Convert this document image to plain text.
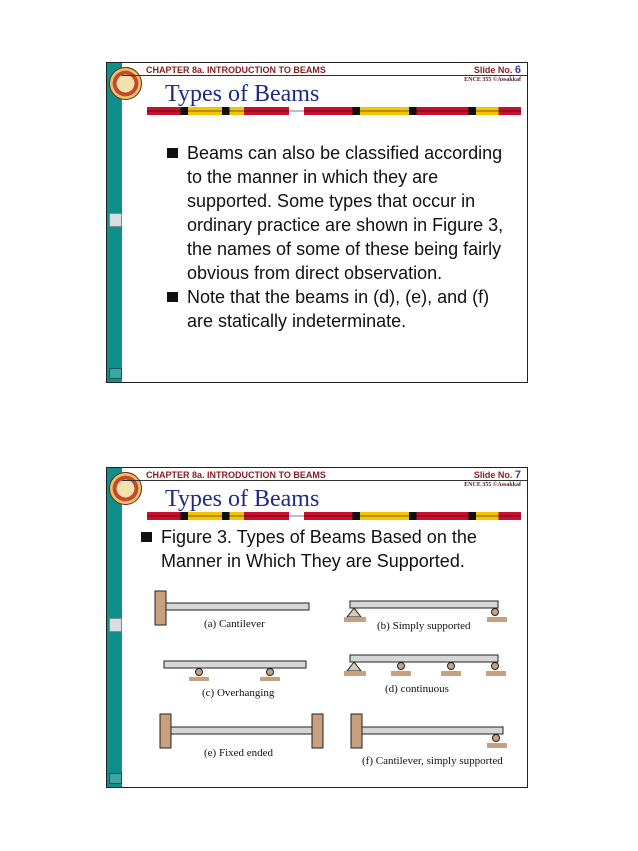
CHAPTER 8a. INTRODUCTION TO BEAMS	Slide No. 6
ENCE 355 ©Assakkaf
Types of Beams
Beams can also be classified according to the manner in which they are supported. Some types that occur in ordinary practice are shown in Figure 3, the names of some of these being fairly obvious from direct observation.
Note that the beams in (d), (e), and (f) are statically indeterminate.
CHAPTER 8a. INTRODUCTION TO BEAMS	Slide No. 7
ENCE 355 ©Assakkaf
Types of Beams
Figure 3. Types of Beams Based on the Manner in Which They are Supported.
(a) Cantilever	(b) Simply supported
(c) Overhanging	(d) continuous
(e) Fixed ended
(f) Cantilever, simply supported
